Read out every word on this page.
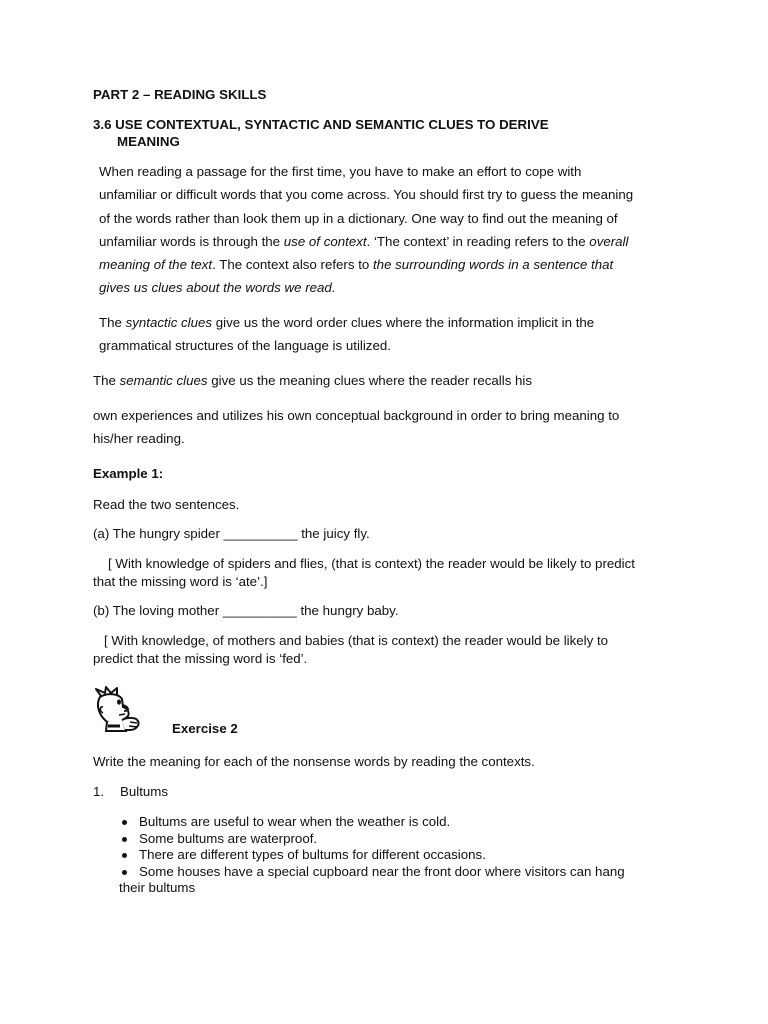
PART 2 – READING SKILLS
3.6 USE CONTEXTUAL, SYNTACTIC AND SEMANTIC CLUES TO DERIVE
MEANING
When reading a passage for the first time, you have to make an effort to cope with
unfamiliar or difficult words that you come across. You should first try to guess the meaning
of the words rather than look them up in a dictionary. One way to find out the meaning of
unfamiliar words is through the use of context. ‘The context’ in reading refers to the overall
meaning of the text. The context also refers to the surrounding words in a sentence that
gives us clues about the words we read.
The syntactic clues give us the word order clues where the information implicit in the
grammatical structures of the language is utilized.
The semantic clues give us the meaning clues where the reader recalls his
own experiences and utilizes his own conceptual background in order to bring meaning to
his/her reading.
Example 1:
Read the two sentences.
(a) The hungry spider __________ the juicy fly.
[ With knowledge of spiders and flies, (that is context) the reader would be likely to predict
that the missing word is ‘ate’.]
(b) The loving mother __________ the hungry baby.
[ With knowledge, of mothers and babies (that is context) the reader would be likely to
predict that the missing word is ‘fed’.
Exercise 2
Write the meaning for each of the nonsense words by reading the contexts.
1. Bultums
Bultums are useful to wear when the weather is cold.
Some bultums are waterproof.
There are different types of bultums for different occasions.
Some houses have a special cupboard near the front door where visitors can hang
their bultums
